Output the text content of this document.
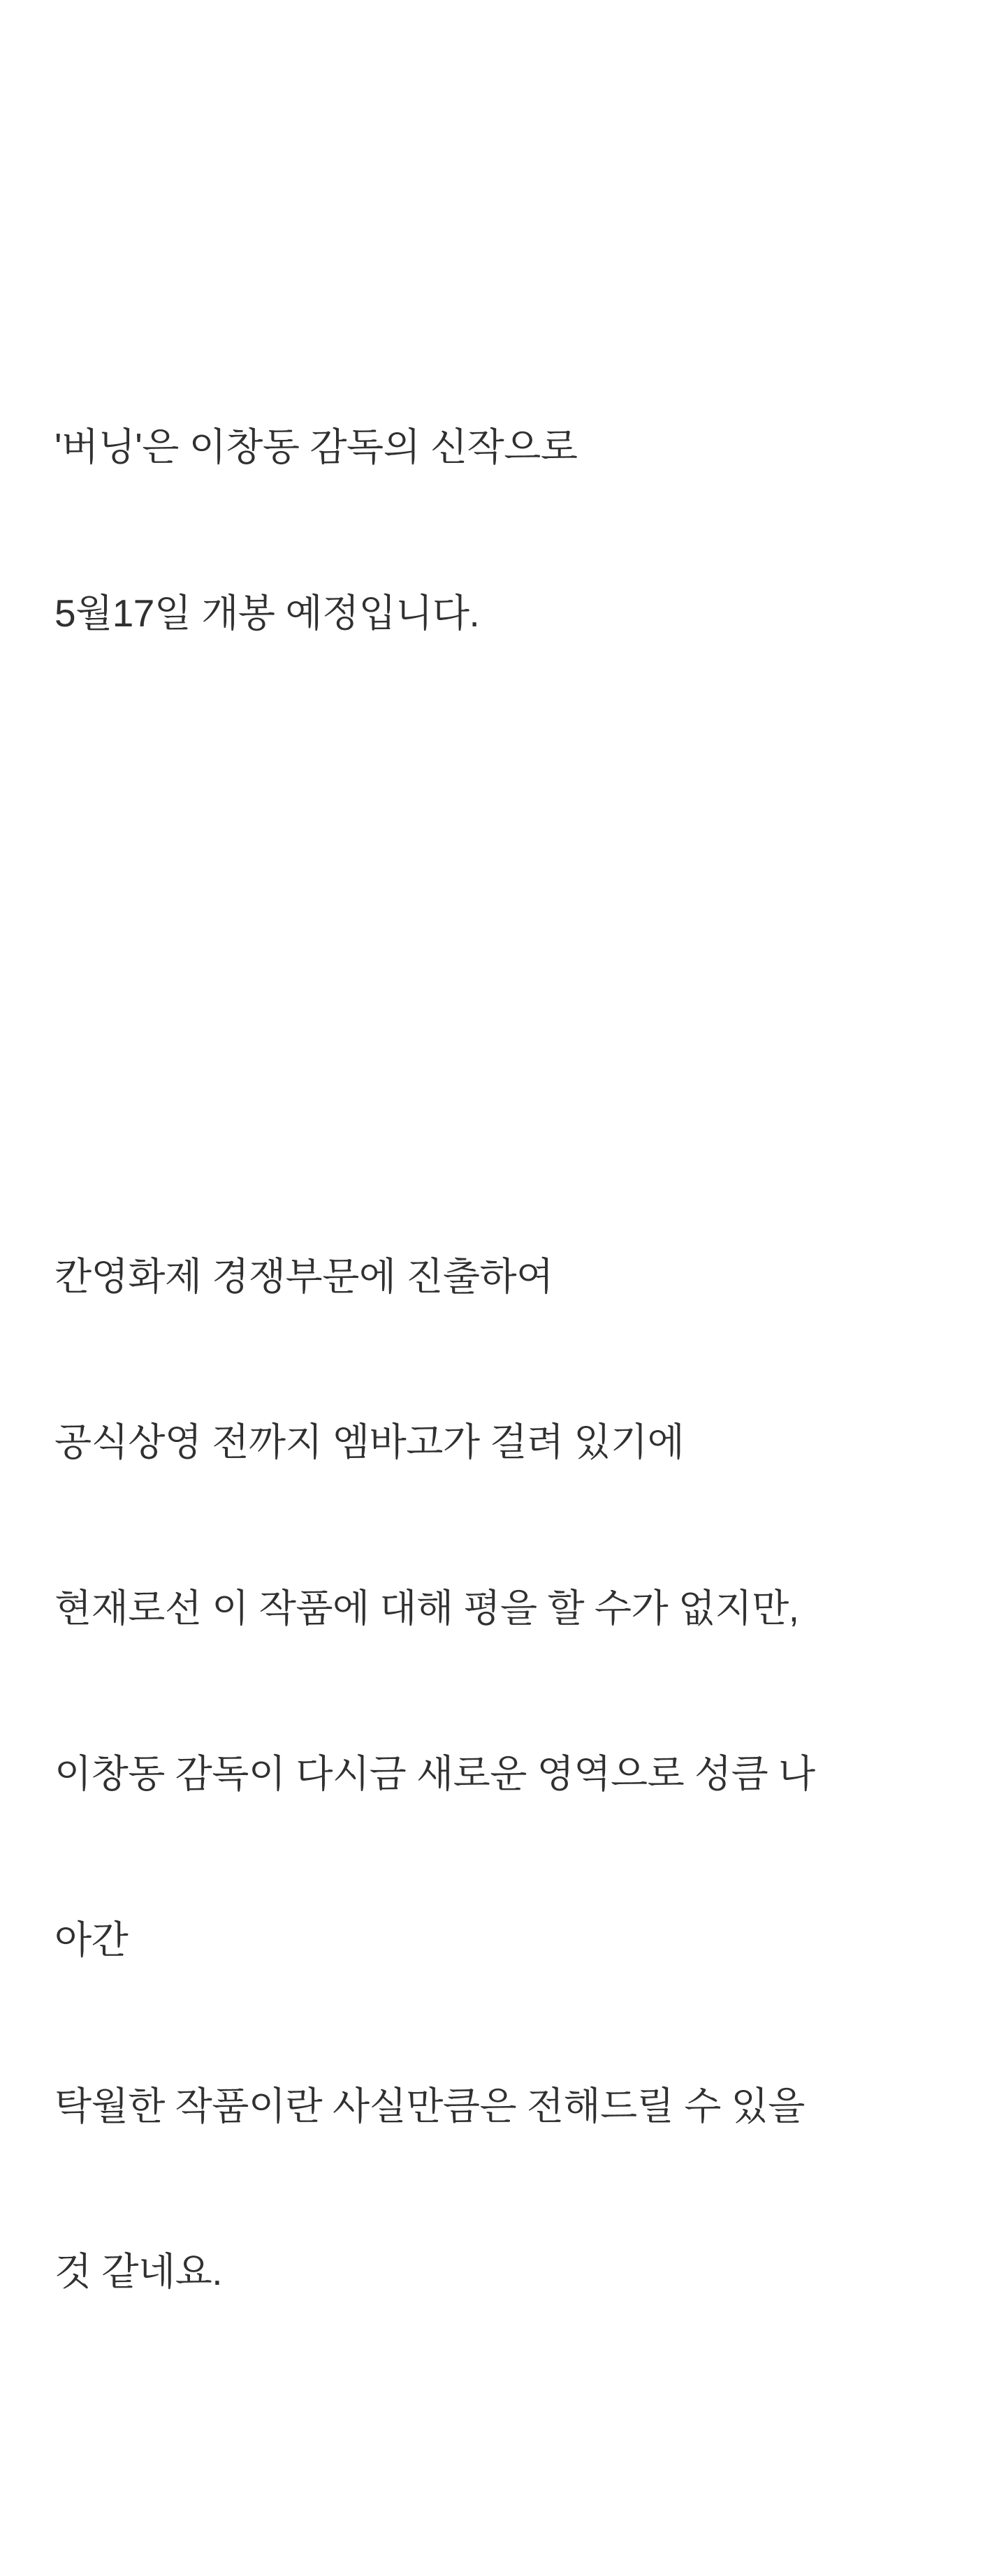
'버닝'은 이창동 감독의 신작으로

5월17일 개봉 예정입니다.

칸영화제 경쟁부문에 진출하여

공식상영 전까지 엠바고가 걸려 있기에

현재로선 이 작품에 대해 평을 할 수가 없지만,

이창동 감독이 다시금 새로운 영역으로 성큼 나

아간

탁월한 작품이란 사실만큼은 전해드릴 수 있을

것 같네요.
